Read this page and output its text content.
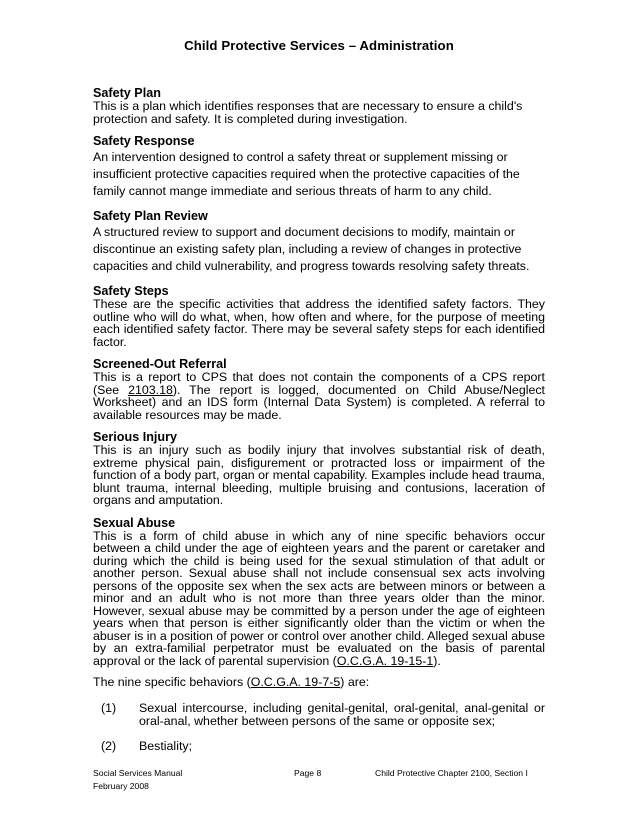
Child Protective Services – Administration

Safety Plan

This is a plan which identifies responses that are necessary to ensure a child's protection and safety. It is completed during investigation.

Safety Response

An intervention designed to control a safety threat or supplement missing or insufficient protective capacities required when the protective capacities of the family cannot mange immediate and serious threats of harm to any child.

Safety Plan Review

A structured review to support and document decisions to modify, maintain or discontinue an existing safety plan, including a review of changes in protective capacities and child vulnerability, and progress towards resolving safety threats.

Safety Steps

These are the specific activities that address the identified safety factors. They outline who will do what, when, how often and where, for the purpose of meeting each identified safety factor. There may be several safety steps for each identified factor.

Screened-Out Referral

This is a report to CPS that does not contain the components of a CPS report (See 2103.18). The report is logged, documented on Child Abuse/Neglect Worksheet) and an IDS form (Internal Data System) is completed. A referral to available resources may be made.

Serious Injury

This is an injury such as bodily injury that involves substantial risk of death, extreme physical pain, disfigurement or protracted loss or impairment of the function of a body part, organ or mental capability. Examples include head trauma, blunt trauma, internal bleeding, multiple bruising and contusions, laceration of organs and amputation.

Sexual Abuse

This is a form of child abuse in which any of nine specific behaviors occur between a child under the age of eighteen years and the parent or caretaker and during which the child is being used for the sexual stimulation of that adult or another person. Sexual abuse shall not include consensual sex acts involving persons of the opposite sex when the sex acts are between minors or between a minor and an adult who is not more than three years older than the minor. However, sexual abuse may be committed by a person under the age of eighteen years when that person is either significantly older than the victim or when the abuser is in a position of power or control over another child. Alleged sexual abuse by an extra-familial perpetrator must be evaluated on the basis of parental approval or the lack of parental supervision (O.C.G.A. 19-15-1).

The nine specific behaviors (O.C.G.A. 19-7-5) are:

(1)	Sexual intercourse, including genital-genital, oral-genital, anal-genital or oral-anal, whether between persons of the same or opposite sex;
(2)	Bestiality;
Social Services Manual
February 2008
Page 8	Child Protective Chapter 2100, Section I
